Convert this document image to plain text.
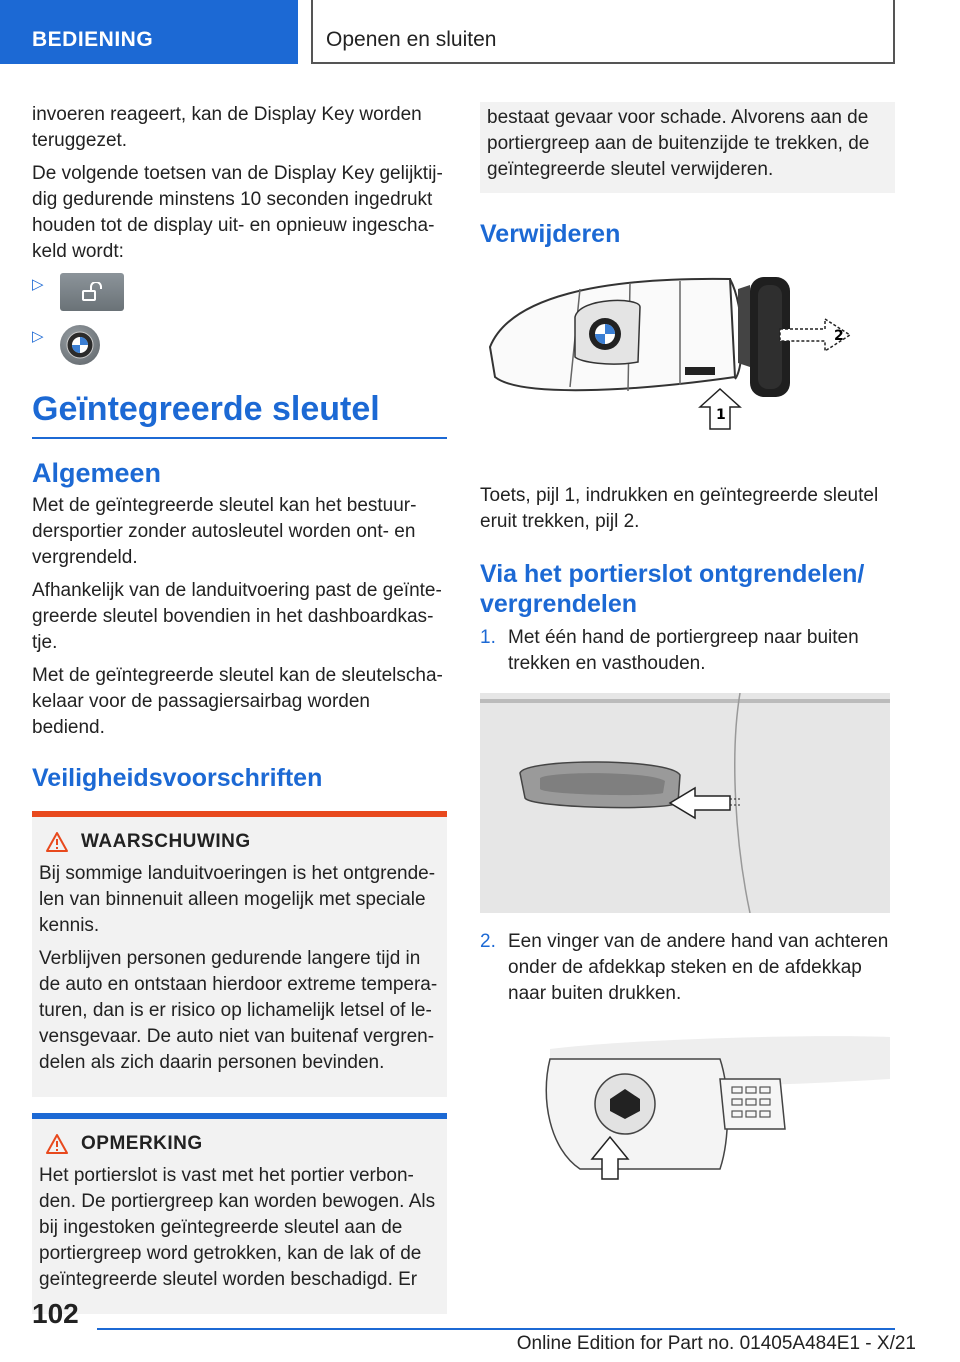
BEDIENING	Openen en sluiten

invoeren reageert, kan de Display Key worden teruggezet.

De volgende toetsen van de Display Key gelijktijdig gedurende minstens 10 seconden ingedrukt houden tot de display uit- en opnieuw ingeschakeld wordt:

▷
▷
Geïntegreerde sleutel
Algemeen

Met de geïntegreerde sleutel kan het bestuurdersportier zonder autosleutel worden ont- en vergrendeld.

Afhankelijk van de landuitvoering past de geïntegreerde sleutel bovendien in het dashboardkastje.

Met de geïntegreerde sleutel kan de sleutelschakelaar voor de passagiersairbag worden bediend.

Veiligheidsvoorschriften
WAARSCHUWING

Bij sommige landuitvoeringen is het ontgrendelen van binnenuit alleen mogelijk met speciale kennis.

Verblijven personen gedurende langere tijd in de auto en ontstaan hierdoor extreme temperaturen, dan is er risico op lichamelijk letsel of levensgevaar. De auto niet van buitenaf vergrendelen als zich daarin personen bevinden.

OPMERKING

Het portierslot is vast met het portier verbonden. De portiergreep kan worden bewogen. Als bij ingestoken geïntegreerde sleutel aan de portiergreep word getrokken, kan de lak of de geïntegreerde sleutel worden beschadigd. Er

bestaat gevaar voor schade. Alvorens aan de portiergreep aan de buitenzijde te trekken, de geïntegreerde sleutel verwijderen.

Verwijderen
2
1

Toets, pijl 1, indrukken en geïntegreerde sleutel eruit trekken, pijl 2.

Via het portierslot ontgrendelen/ vergrendelen
1. Met één hand de portiergreep naar buiten trekken en vasthouden.
2. Een vinger van de andere hand van achteren onder de afdekkap steken en de afdekkap naar buiten drukken.
102
Online Edition for Part no. 01405A484E1 - X/21
